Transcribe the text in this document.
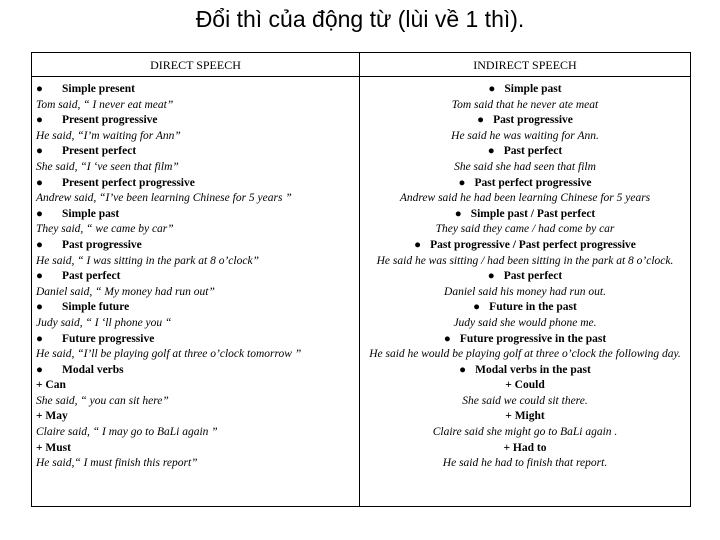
Đổi thì của động từ (lùi về 1 thì).
DIRECT SPEECH	INDIRECT SPEECH
● Simple present
Tom said, “ I never eat meat”
● Present progressive
He said, “I’m waiting for Ann”
● Present perfect
She said, “I ‘ve seen that film”
● Present perfect progressive
Andrew said, “I’ve been learning Chinese for 5 years ”
● Simple past
They said, “ we came by car”
● Past progressive
He said, “ I was sitting in the park at 8 o’clock”
● Past perfect
Daniel said, “ My money had run out”
● Simple future
Judy said, “ I ‘ll phone you “
● Future progressive
He said, “I’ll be playing golf at three o’clock tomorrow ”
● Modal verbs
+ Can
She said, “ you can sit here”
+ May
Claire said, “ I may go to BaLi again ”
+ Must
He said,“ I must finish this report”
● Simple past
Tom said that he never ate meat
● Past progressive
He said he was waiting for Ann.
● Past perfect
She said she had seen that film
● Past perfect progressive
Andrew said he had been learning Chinese for 5 years
● Simple past / Past perfect
They said they came / had come by car
● Past progressive / Past perfect progressive
He said he was sitting / had been sitting in the park at 8 o’clock.
● Past perfect
Daniel said his money had run out.
● Future in the past
Judy said she would phone me.
● Future progressive in the past
He said he would be playing golf at three o’clock the following day.
● Modal verbs in the past
+ Could
She said we could sit there.
+ Might
Claire said she might go to BaLi again .
+ Had to
He said he had to finish that report.
